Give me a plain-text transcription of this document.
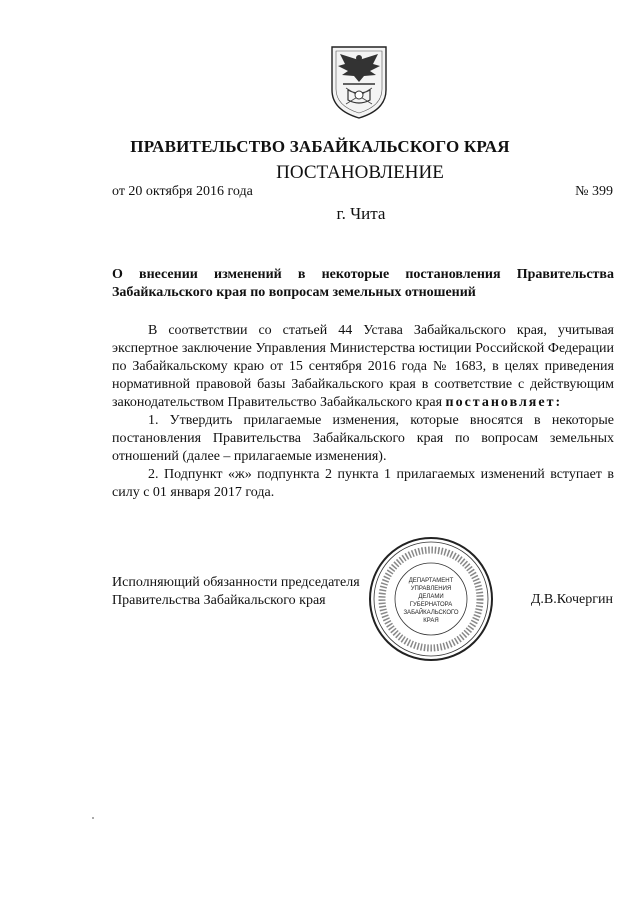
ПРАВИТЕЛЬСТВО ЗАБАЙКАЛЬСКОГО КРАЯ
ПОСТАНОВЛЕНИЕ
от 20 октября 2016 года	№ 399
г. Чита
О внесении изменений в некоторые постановления Правительства Забайкальского края по вопросам земельных отношений

В соответствии со статьей 44 Устава Забайкальского края, учитывая экспертное заключение Управления Министерства юстиции Российской Федерации по Забайкальскому краю от 15 сентября 2016 года № 1683, в целях приведения нормативной правовой базы Забайкальского края в соответствие с действующим законодательством Правительство Забайкальского края постановляет:

1. Утвердить прилагаемые изменения, которые вносятся в некоторые постановления Правительства Забайкальского края по вопросам земельных отношений (далее – прилагаемые изменения).

2. Подпункт «ж» подпункта 2 пункта 1 прилагаемых изменений вступает в силу с 01 января 2017 года.

Исполняющий обязанности председателя
Правительства Забайкальского края	Д.В.Кочергин
ДЕПАРТАМЕНТ
УПРАВЛЕНИЯ
ДЕЛАМИ
ГУБЕРНАТОРА
ЗАБАЙКАЛЬСКОГО
КРАЯ
